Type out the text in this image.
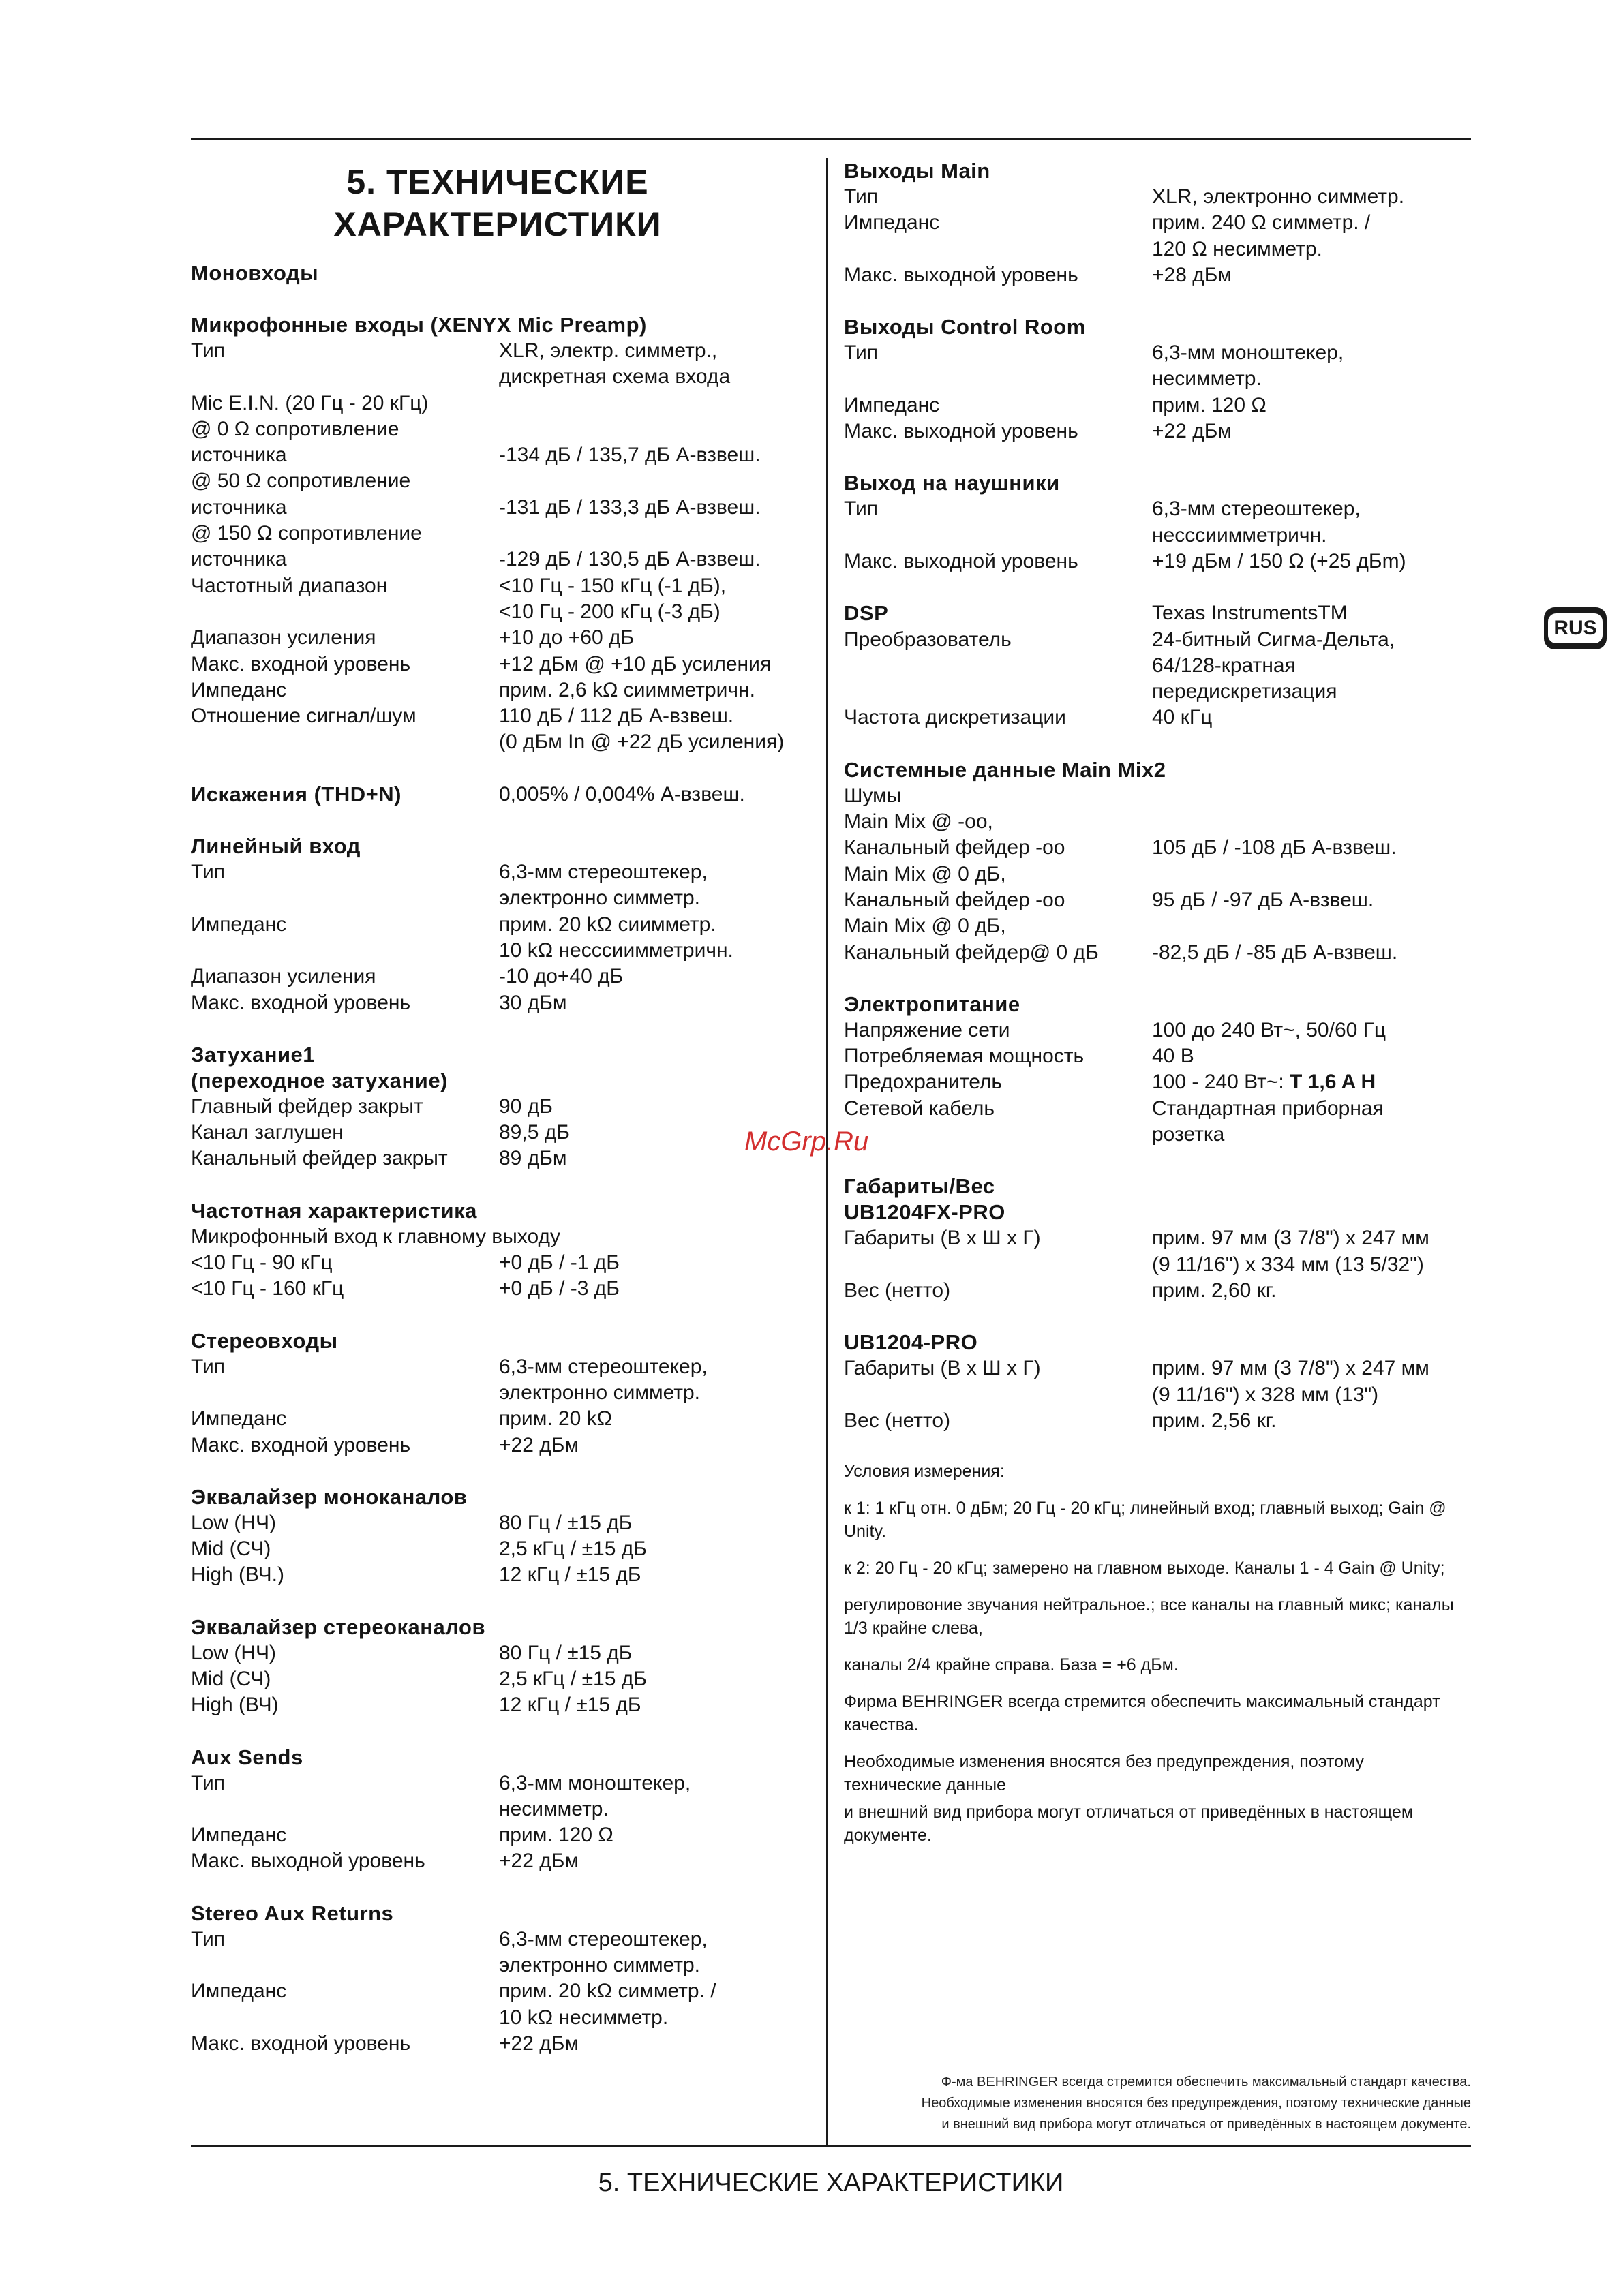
RUS
McGrp.Ru
5. ТЕХНИЧЕСКИЕ
ХАРАКТЕРИСТИКИ
Моновходы
Микрофонные входы (XENYX Mic Preamp)
Тип	XLR, электр. симметр.,
дискретная схема входа
Mic E.I.N. (20 Гц - 20 кГц)
@ 0 Ω сопротивление
источника	
-134 дБ / 135,7 дБ А-взвеш.
@ 50 Ω сопротивление
источника	
-131 дБ / 133,3 дБ А-взвеш.
@ 150 Ω сопротивление
источника	
-129 дБ / 130,5 дБ А-взвеш.
Частотный диапазон	<10 Гц - 150 кГц (-1 дБ),
<10 Гц - 200 кГц (-3 дБ)
Диапазон усиления	+10 до +60 дБ
Макс. входной уровень	+12 дБм @ +10 дБ усиления
Импеданс	прим. 2,6 kΩ сиимметричн.
Отношение сигнал/шум	110 дБ / 112 дБ А-взвеш.
(0 дБм In @ +22 дБ усиления)
Искажения (THD+N)	0,005% / 0,004% А-взвеш.
Линейный вход
Тип	6,3-мм стереоштекер,
электронно симметр.
Импеданс	прим. 20 kΩ сиимметр.
10 kΩ несссиимметричн.
Диапазон усиления	-10 до+40 дБ
Макс. входной уровень	30 дБм
Затухание1
(переходное затухание)
Главный фейдер закрыт	90 дБ
Канал заглушен	89,5 дБ
Канальный фейдер закрыт	89 дБм
Частотная характеристика
Микрофонный вход к главному выходу
<10 Гц - 90 кГц	+0 дБ / -1 дБ
<10 Гц - 160 кГц	+0 дБ / -3 дБ
Стереовходы
Тип	6,3-мм стереоштекер,
электронно симметр.
Импеданс	прим. 20 kΩ
Макс. входной уровень	+22 дБм
Эквалайзер моноканалов
Low (НЧ)	80 Гц / ±15 дБ
Mid (СЧ)	2,5 кГц / ±15 дБ
High (ВЧ.)	12 кГц / ±15 дБ
Эквалайзер стереоканалов
Low (НЧ)	80 Гц / ±15 дБ
Mid (СЧ)	2,5 кГц / ±15 дБ
High (ВЧ)	12 кГц / ±15 дБ
Aux Sends
Тип	6,3-мм моноштекер,
несимметр.
Импеданс	прим. 120 Ω
Макс. выходной уровень	+22 дБм
Stereo Aux Returns
Тип	6,3-мм стереоштекер,
электронно симметр.
Импеданс	прим. 20 kΩ симметр. /
10 kΩ несимметр.
Макс. входной уровень	+22 дБм
Выходы Main
Тип	XLR, электронно симметр.
Импеданс	прим. 240 Ω симметр. /
120 Ω несимметр.
Макс. выходной уровень	+28 дБм
Выходы Control Room
Тип	6,3-мм моноштекер,
несимметр.
Импеданс	прим. 120 Ω
Макс. выходной уровень	+22 дБм
Выход на наушники
Тип	6,3-мм стереоштекер,
несссиимметричн.
Макс. выходной уровень	+19 дБм / 150 Ω (+25 дБm)
DSP	Texas InstrumentsTM
Преобразователь	24-битный Сигма-Дельта,
64/128-кратная
передискретизация
Частота дискретизации	40 кГц
Системные данные Main Mix2
Шумы
Main Mix @ -оо,
Канальный фейдер -оо	105 дБ / -108 дБ А-взвеш.
Main Mix @ 0 дБ,
Канальный фейдер -оо	95 дБ / -97 дБ А-взвеш.
Main Mix @ 0 дБ,
Канальный фейдер@ 0 дБ	-82,5 дБ / -85 дБ А-взвеш.
Электропитание
Напряжение сети	100 до 240 Вт~, 50/60 Гц
Потребляемая мощность	40 В
Предохранитель	100 - 240 Вт~: T 1,6 A H
Сетевой кабель	Стандартная приборная
розетка
Габариты/Вес
UB1204FX-PRO
Габариты (В x Ш x Г)	прим. 97 мм (3 7/8") x 247 мм
(9 11/16") x 334 мм (13 5/32")
Вес (нетто)	прим. 2,60 кг.
UB1204-PRO
Габариты (В x Ш x Г)	прим. 97 мм (3 7/8") x 247 мм
(9 11/16") x 328 мм (13")
Вес (нетто)	прим. 2,56 кг.

Условия измерения:

к 1: 1 кГц отн. 0 дБм; 20 Гц - 20 кГц; линейный вход; главный выход; Gain @ Unity.

к 2: 20 Гц - 20 кГц; замерено на главном выходе. Каналы 1 - 4 Gain @ Unity;

регулировоние звучания нейтральное.; все каналы на главный микс; каналы 1/3 крайне слева,

каналы 2/4 крайне справа. База = +6 дБм.

Фирма BEHRINGER всегда стремится обеспечить максимальный стандарт качества.

Необходимые изменения вносятся без предупреждения, поэтому технические данные

и внешний вид прибора могут отличаться от приведённых в настоящем документе.

Ф-ма BEHRINGER всегда стремится обеспечить максимальный стандарт качества.
Необходимые изменения вносятся без предупреждения, поэтому технические данные
и внешний вид прибора могут отличаться от приведённых в настоящем документе.
5. ТЕХНИЧЕСКИЕ ХАРАКТЕРИСТИКИ
